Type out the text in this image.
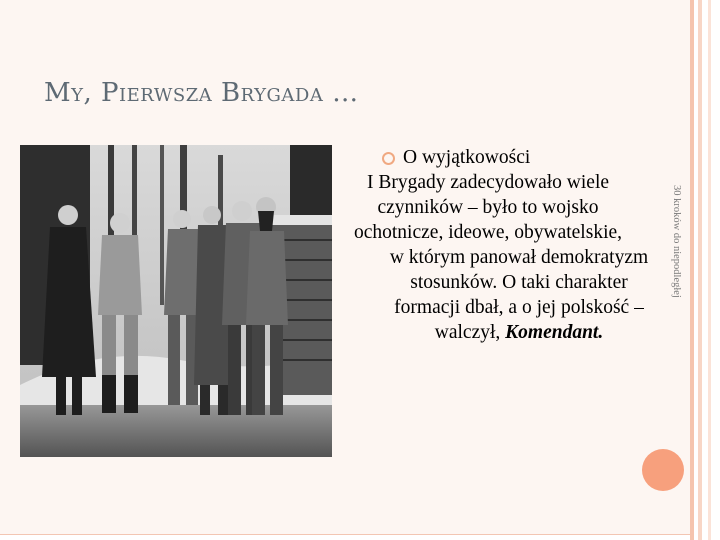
My, Pierwsza Brygada …
O wyjątkowości
I Brygady zadecydowało wiele czynników – było to wojsko ochotnicze, ideowe, obywatelskie,
w którym panował demokratyzm stosunków. O taki charakter formacji dbał, a o jej polskość – walczył, Komendant.
30 kroków do niepodległej
